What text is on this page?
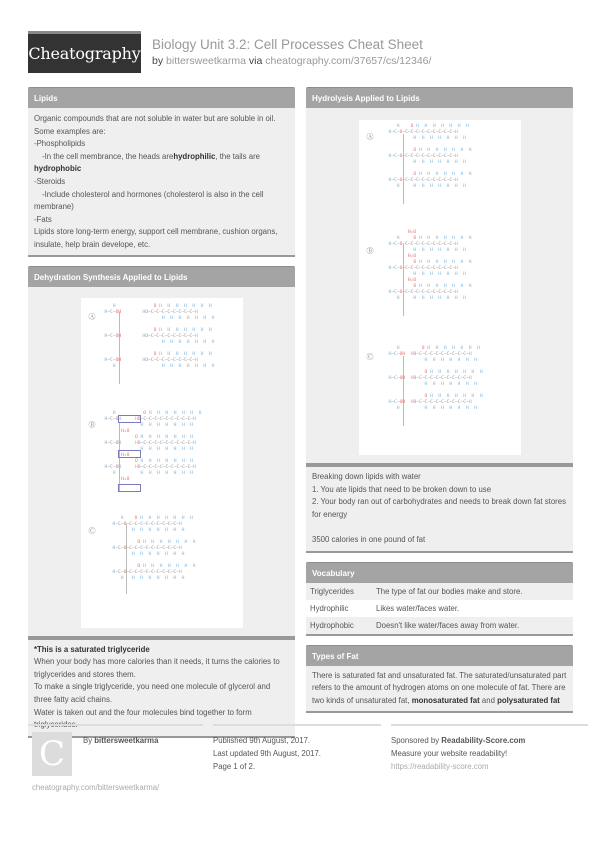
Cheatography Biology Unit 3.2: Cell Processes Cheat Sheet
by bittersweetkarma via cheatography.com/37657/cs/12346/
Lipids
Organic compounds that are not soluble in water but are soluble in oil. Some examples are:
-Phospholipids
-In the cell membrance, the heads arehydrophilic, the tails are
hydrophobic
-Steroids
-Include cholesterol and hormones (cholesterol is also in the cell membrane)
-Fats
Lipids store long-term energy, support cell membrane, cushion organs, insulate, help brain develope, etc.
Dehydration Synthesis Applied to Lipids
Ⓐ
H
H–C–OH

H–C–OH

H–C–OH
H
O H  H  H  H  H  H  H
HO–C–C–C–C–C–C–C–C–H
H  H  H  H  H  H  H

O H  H  H  H  H  H  H
HO–C–C–C–C–C–C–C–C–H
H  H  H  H  H  H  H

O H  H  H  H  H  H  H
HO–C–C–C–C–C–C–C–C–H
H  H  H  H  H  H  H
Ⓑ
H	O H  H  H  H  H  H  H
H–C–OH	HO–C–C–C–C–C–C–C–C–C–H
H  H  H  H  H  H  H
H₂O
O H  H  H  H  H  H  H
H–C–OH	HO–C–C–C–C–C–C–C–C–C–H
H  H  H  H  H  H  H
H₂O
O H  H  H  H  H  H  H
H–C–OH	HO–C–C–C–C–C–C–C–C–C–H
H         H  H  H  H  H  H  H
H₂O
Ⓒ
H O H  H  H  H  H  H  H
H–C–O–C–C–C–C–C–C–C–C–C–H
H  H  H  H  H  H  H

O H  H  H  H  H  H  H
H–C–O–C–C–C–C–C–C–C–C–C–H
H  H  H  H  H  H  H

O H  H  H  H  H  H  H
H–C–O–C–C–C–C–C–C–C–C–C–H
H   H  H  H  H  H  H  H
*This is a saturated triglyceride
When your body has more calories than it needs, it turns the calories to triglycerides and stores them.
To make a single triglyceride, you need one molecule of glycerol and three fatty acid chains.
Water is taken out and the four molecules bind together to form triglycerides.
Hydrolysis Applied to Lipids
Ⓐ
H O H  H  H  H  H  H  H
H–C–O–C–C–C–C–C–C–C–C–C–H
H  H  H  H  H  H  H

O H  H  H  H  H  H  H
H–C–O–C–C–C–C–C–C–C–C–C–H
H  H  H  H  H  H  H

O H  H  H  H  H  H  H
H–C–O–C–C–C–C–C–C–C–C–C–H
H     H  H  H  H  H  H  H
Ⓑ
H₂O
H	O H  H  H  H  H  H  H
H–C–O–C–C–C–C–C–C–C–C–C–H
H  H  H  H  H  H  H
H₂O
O H  H  H  H  H  H  H
H–C–O–C–C–C–C–C–C–C–C–C–H
H  H  H  H  H  H  H
H₂O
O H  H  H  H  H  H  H
H–C–O–C–C–C–C–C–C–C–C–C–H
H     H  H  H  H  H  H  H
Ⓒ
H	O H  H  H  H  H  H  H
H–C–OH HO–C–C–C–C–C–C–C–C–C–H
H  H  H  H  H  H  H

O H  H  H  H  H  H  H
H–C–OH HO–C–C–C–C–C–C–C–C–C–H
H  H  H  H  H  H  H

O H  H  H  H  H  H  H
H–C–OH HO–C–C–C–C–C–C–C–C–C–H
H         H  H  H  H  H  H  H
Breaking down lipids with water
1. You ate lipids that need to be broken down to use
2. Your body ran out of carbohydrates and needs to break down fat stores for energy
3500 calories in one pound of fat
Vocabulary
Triglycerides	The type of fat our bodies make and store.
Hydrophilic	Likes water/faces water.
Hydrophobic	Doesn't like water/faces away from water.
Types of Fat
There is saturated fat and unsaturated fat. The saturated/unsaturated part refers to the amount of hydrogen atoms on one molecule of fat. There are two kinds of unsaturated fat, monosaturated fat and polysaturated fat
C	By bittersweetkarma
cheatography.com/bittersweetkarma/
Published 9th August, 2017.
Last updated 9th August, 2017.
Page 1 of 2.
Sponsored by Readability-Score.com
Measure your website readability!
https://readability-score.com
